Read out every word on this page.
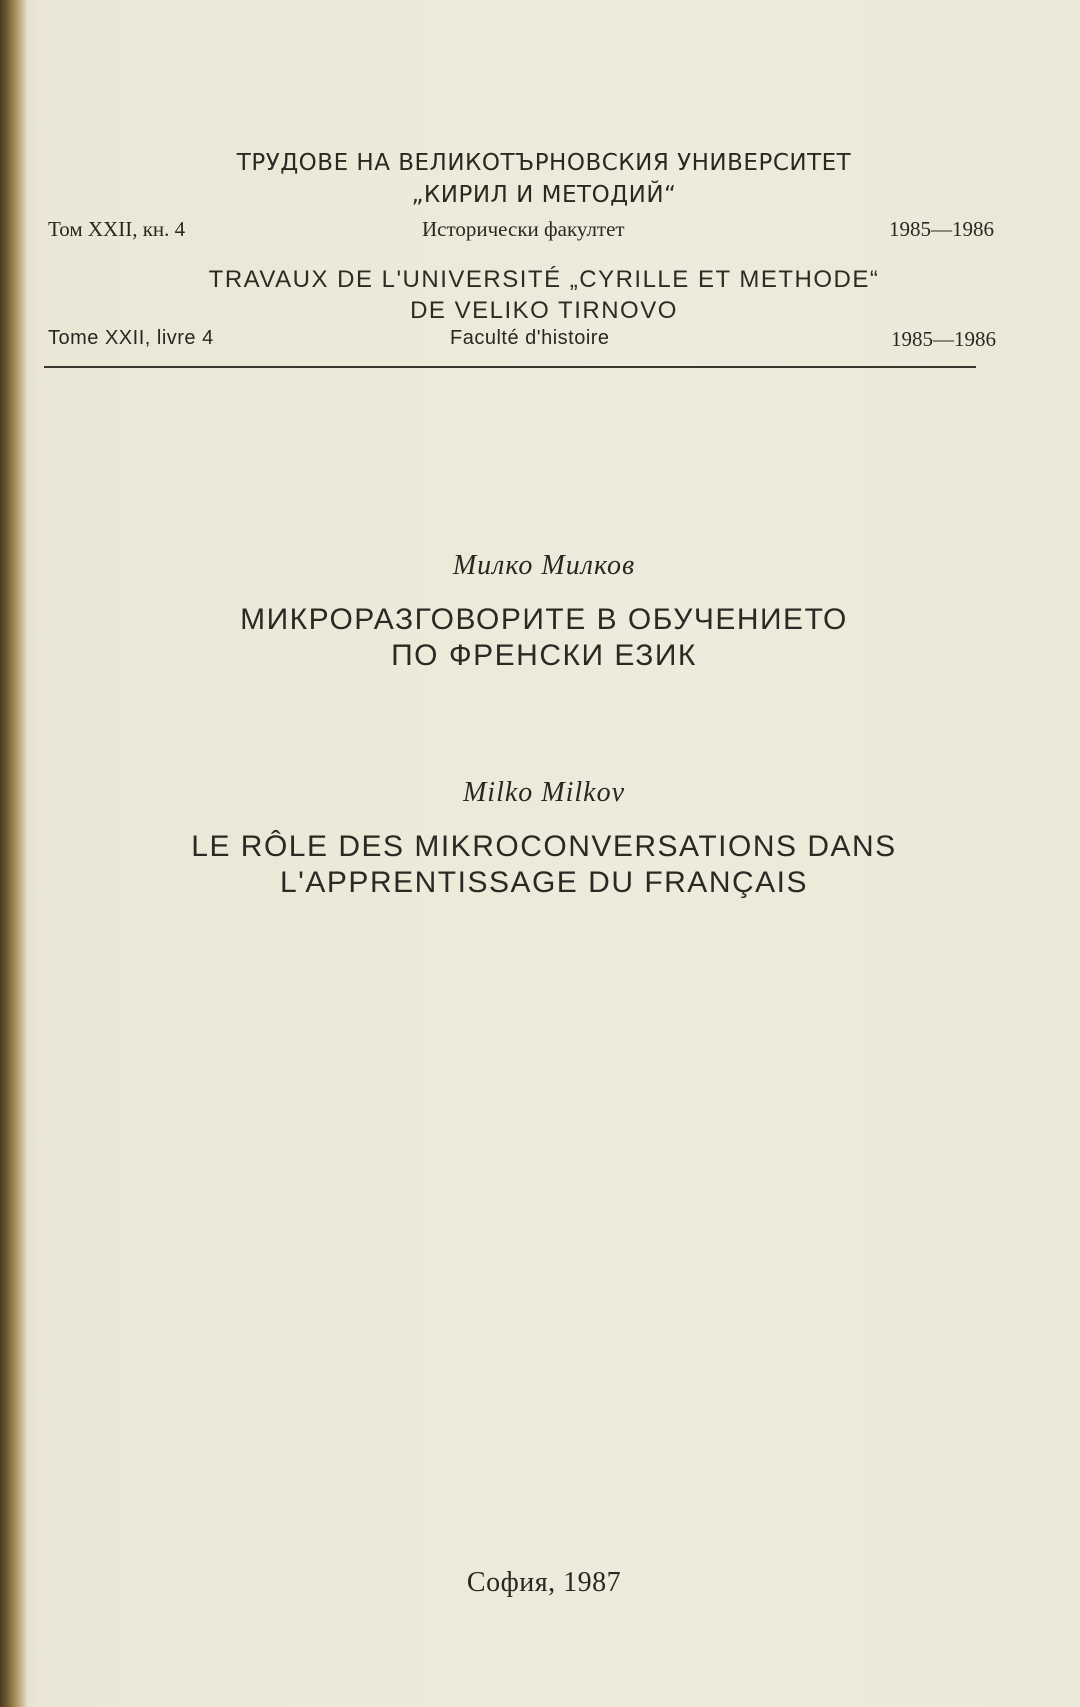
ТРУДОВЕ НА ВЕЛИКОТЪРНОВСКИЯ УНИВЕРСИТЕТ
„КИРИЛ И МЕТОДИЙ“
Том XXII, кн. 4	Исторически факултет	1985—1986
TRAVAUX DE L'UNIVERSITÉ „CYRILLE ET METHODE“
DE VELIKO TIRNOVO
Tome XXII, livre 4	Faculté d'histoire	1985—1986
Милко Милков
МИКРОРАЗГОВОРИТЕ В ОБУЧЕНИЕТО
ПО ФРЕНСКИ ЕЗИК
Milko Milkov
LE RÔLE DES MIKROCONVERSATIONS DANS
L'APPRENTISSAGE DU FRANÇAIS
София, 1987
